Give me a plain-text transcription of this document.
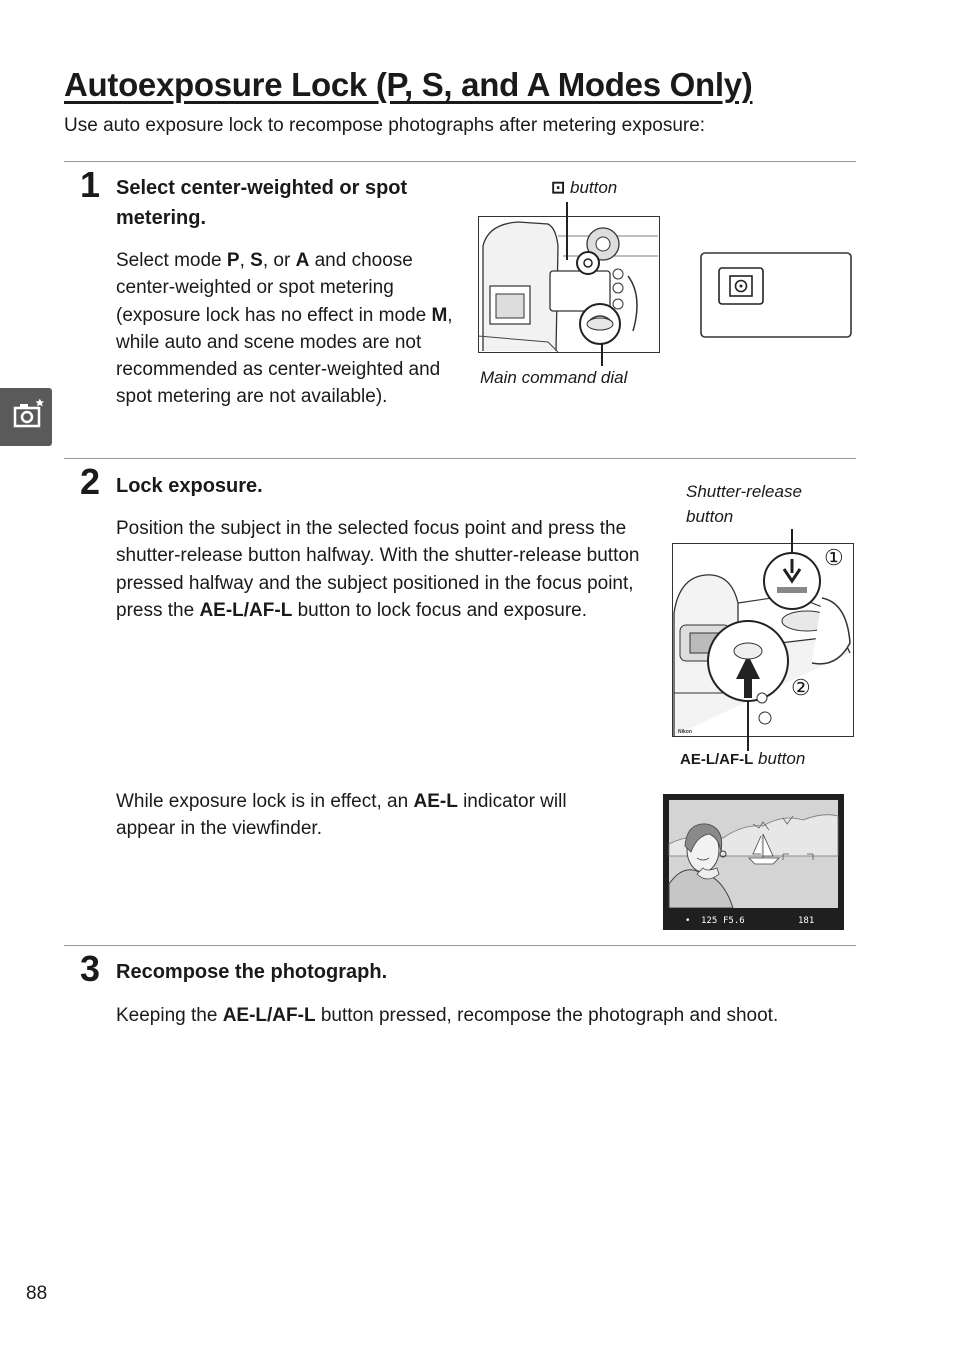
Autoexposure Lock (P, S, and A Modes Only)
Use auto exposure lock to recompose photographs after metering exposure:
1 Select center-weighted or spot
metering.
Select mode P, S, or A and choose center-weighted or spot metering (exposure lock has no effect in mode M, while auto and scene modes are not recommended as center-weighted and spot metering are not available).
⊡ button
Main command dial
2 Lock exposure.
Position the subject in the selected focus point and press the shutter-release button halfway. With the shutter-release button pressed halfway and the subject positioned in the focus point, press the AE-L/AF-L button to lock focus and exposure.
Shutter-release
button
Nikon
①
②
AE-L/AF-L button
While exposure lock is in effect, an AE-L indicator will appear in the viewfinder.
• 125 F5.6	181
3 Recompose the photograph.
Keeping the AE-L/AF-L button pressed, recompose the photograph and shoot.
88
